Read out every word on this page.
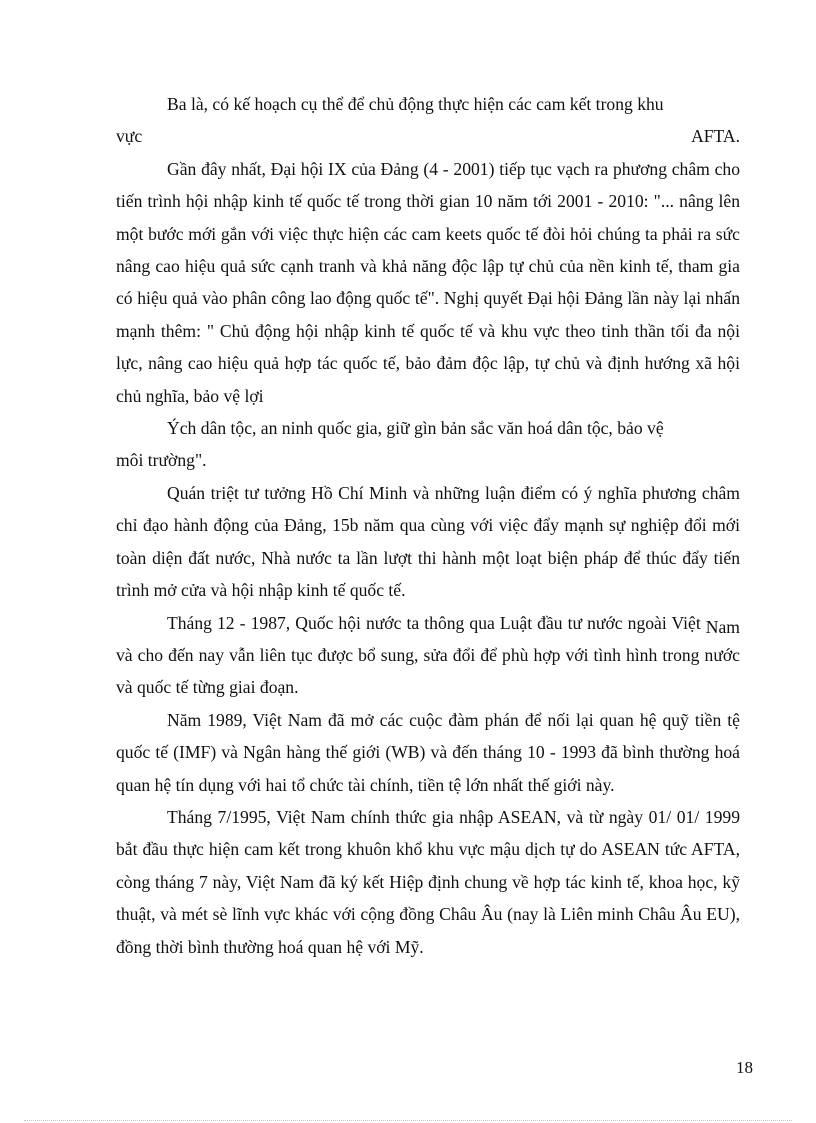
Ba là, có kế hoạch cụ thể để chủ động thực hiện các cam kết trong khu

vực	AFTA.

Gần đây nhất, Đại hội IX của Đảng (4 - 2001) tiếp tục vạch ra phương châm cho tiến trình hội nhập kinh tế quốc tế trong thời gian 10 năm tới 2001 - 2010: "... nâng lên một bước mới gắn với việc thực hiện các cam keets quốc tế đòi hỏi chúng ta phải ra sức nâng cao hiệu quả sức cạnh tranh và khả năng độc lập tự chủ của nền kinh tế, tham gia có hiệu quả vào phân công lao động quốc tế". Nghị quyết Đại hội Đảng lần này lại nhấn mạnh thêm: " Chủ động hội nhập kinh tế quốc tế và khu vực theo tinh thần tối đa nội lực, nâng cao hiệu quả hợp tác quốc tế, bảo đảm độc lập, tự chủ và định hướng xã hội chủ nghĩa, bảo vệ lợi

Ých dân tộc, an ninh quốc gia, giữ gìn bản sắc văn hoá dân tộc, bảo vệ

môi trường".

Quán triệt tư tưởng Hồ Chí Minh và những luận điểm có ý nghĩa phương châm chỉ đạo hành động của Đảng, 15b năm qua cùng với việc đẩy mạnh sự nghiệp đổi mới toàn diện đất nước, Nhà nước ta lần lượt thi hành một loạt biện pháp để thúc đẩy tiến trình mở cửa và hội nhập kinh tế quốc tế.

Tháng 12 - 1987, Quốc hội nước ta thông qua Luật đầu tư nước ngoài Việt Nam và cho đến nay vẫn liên tục được bổ sung, sửa đổi để phù hợp với tình hình trong nước và quốc tế từng giai đoạn.

Năm 1989, Việt Nam đã mở các cuộc đàm phán để nối lại quan hệ quỹ tiền tệ quốc tế (IMF) và Ngân hàng thế giới (WB) và đến tháng 10 - 1993 đã bình thường hoá quan hệ tín dụng với hai tổ chức tài chính, tiền tệ lớn nhất thế giới này.

Tháng 7/1995, Việt Nam chính thức gia nhập ASEAN, và từ ngày 01/ 01/ 1999 bắt đầu thực hiện cam kết trong khuôn khổ khu vực mậu dịch tự do ASEAN tức AFTA, còng tháng 7 này, Việt Nam đã ký kết Hiệp định chung về hợp tác kinh tế, khoa học, kỹ thuật, và mét sè lĩnh vực khác với cộng đồng Châu Âu (nay là Liên minh Châu Âu EU), đồng thời bình thường hoá quan hệ với Mỹ.

18
